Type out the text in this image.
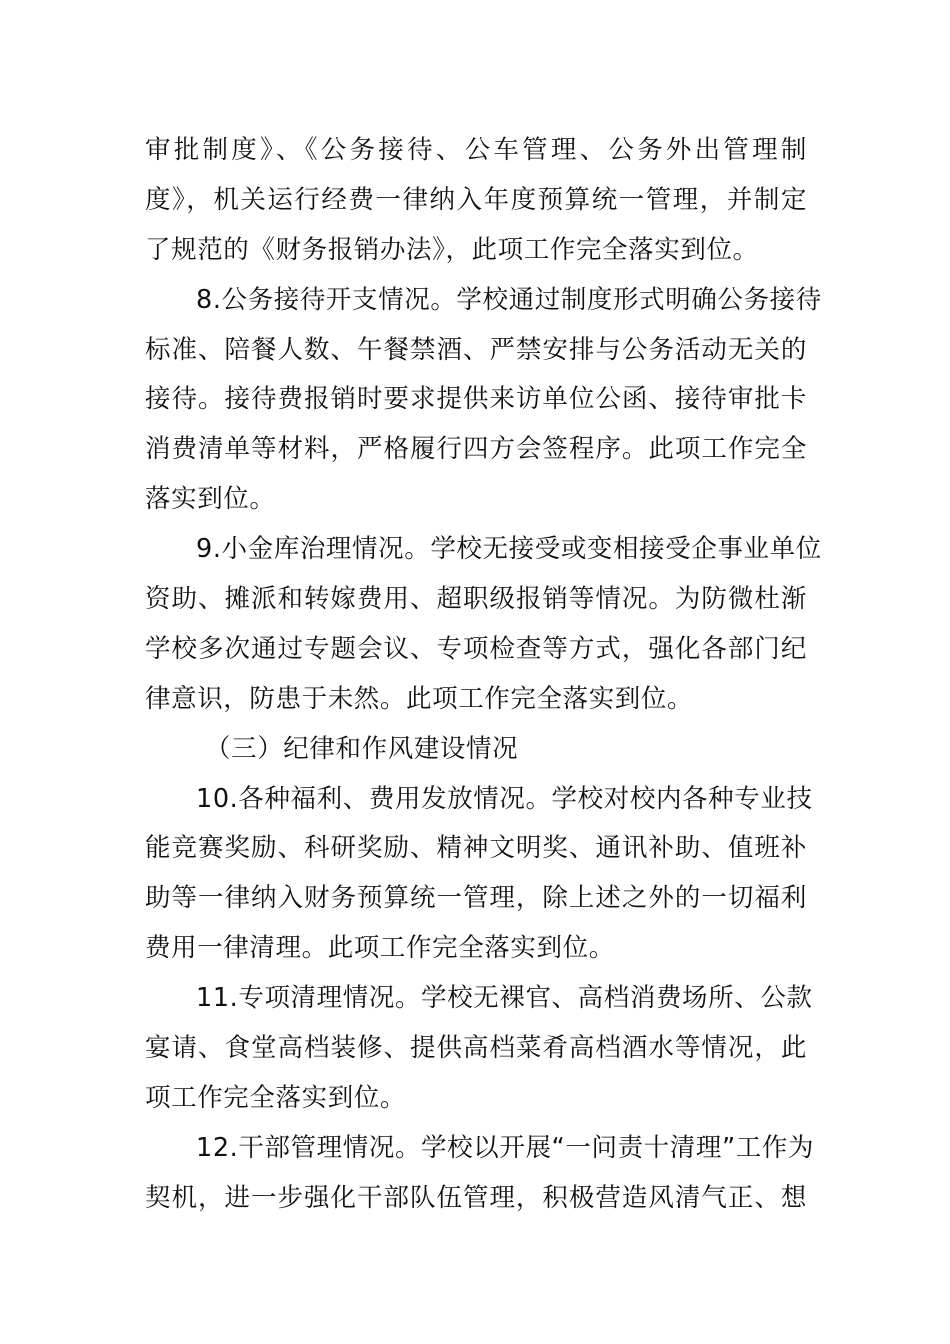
审批制度》、《公务接待、公车管理、公务外出管理制
度》，机关运行经费一律纳入年度预算统一管理，并制定
了规范的《财务报销办法》，此项工作完全落实到位。
8.公务接待开支情况。学校通过制度形式明确公务接待
标准、陪餐人数、午餐禁酒、严禁安排与公务活动无关的
接待。接待费报销时要求提供来访单位公函、接待审批卡
消费清单等材料，严格履行四方会签程序。此项工作完全
落实到位。
9.小金库治理情况。学校无接受或变相接受企事业单位
资助、摊派和转嫁费用、超职级报销等情况。为防微杜渐
学校多次通过专题会议、专项检查等方式，强化各部门纪
律意识，防患于未然。此项工作完全落实到位。
（三）纪律和作风建设情况
10.各种福利、费用发放情况。学校对校内各种专业技
能竞赛奖励、科研奖励、精神文明奖、通讯补助、值班补
助等一律纳入财务预算统一管理，除上述之外的一切福利
费用一律清理。此项工作完全落实到位。
11.专项清理情况。学校无裸官、高档消费场所、公款
宴请、食堂高档装修、提供高档菜肴高档酒水等情况，此
项工作完全落实到位。
12.干部管理情况。学校以开展“一问责十清理”工作为
契机，进一步强化干部队伍管理，积极营造风清气正、想
